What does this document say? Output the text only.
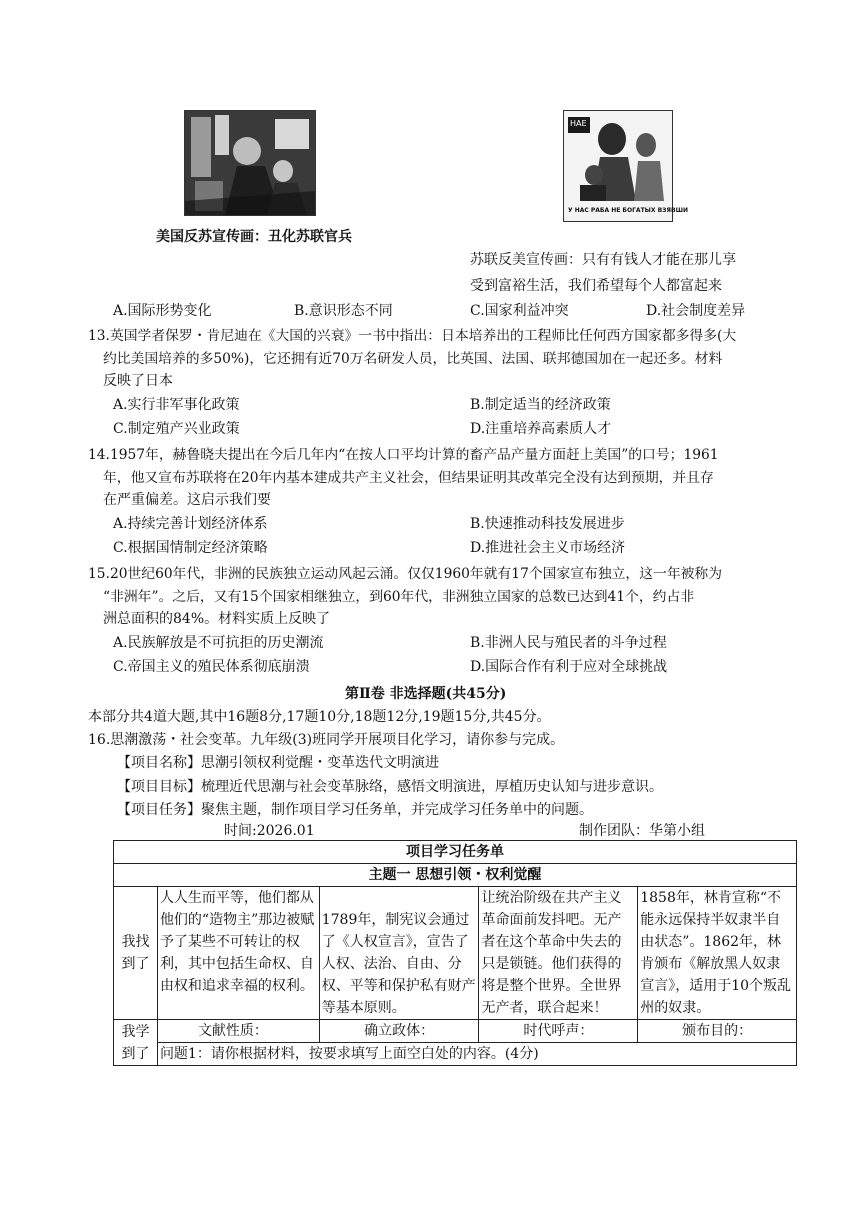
美国反苏宣传画：丑化苏联官兵
НАЕ
У НАС РАБА НЕ БОГАТЫХ ВЗЯВШИ
苏联反美宣传画：只有有钱人才能在那儿享
受到富裕生活，我们希望每个人都富起来
A.国际形势变化	B.意识形态不同	C.国家利益冲突	D.社会制度差异
13.英国学者保罗・肯尼迪在《大国的兴衰》一书中指出：日本培养出的工程师比任何西方国家都多得多(大
约比美国培养的多50%)，它还拥有近70万名研发人员，比英国、法国、联邦德国加在一起还多。材料
反映了日本
A.实行非军事化政策	B.制定适当的经济政策
C.制定殖产兴业政策	D.注重培养高素质人才
14.1957年，赫鲁晓夫提出在今后几年内“在按人口平均计算的畜产品产量方面赶上美国”的口号；1961
年，他又宣布苏联将在20年内基本建成共产主义社会，但结果证明其改革完全没有达到预期，并且存
在严重偏差。这启示我们要
A.持续完善计划经济体系	B.快速推动科技发展进步
C.根据国情制定经济策略	D.推进社会主义市场经济
15.20世纪60年代，非洲的民族独立运动风起云涌。仅仅1960年就有17个国家宣布独立，这一年被称为
“非洲年”。之后，又有15个国家相继独立，到60年代，非洲独立国家的总数已达到41个，约占非
洲总面积的84%。材料实质上反映了
A.民族解放是不可抗拒的历史潮流	B.非洲人民与殖民者的斗争过程
C.帝国主义的殖民体系彻底崩溃	D.国际合作有利于应对全球挑战
第Ⅱ卷 非选择题(共45分)
本部分共4道大题,其中16题8分,17题10分,18题12分,19题15分,共45分。
16.思潮激荡・社会变革。九年级(3)班同学开展项目化学习，请你参与完成。
【项目名称】思潮引领权利觉醒・变革迭代文明演进
【项目目标】梳理近代思潮与社会变革脉络，感悟文明演进，厚植历史认知与进步意识。
【项目任务】聚焦主题，制作项目学习任务单，并完成学习任务单中的问题。
时间:2026.01	制作团队：华第小组
项目学习任务单				
主题一 思想引领・权利觉醒				
我找到了	人人生而平等，他们都从他们的“造物主”那边被赋予了某些不可转让的权利，其中包括生命权、自由权和追求幸福的权利。	1789年，制宪议会通过了《人权宣言》，宣告了人权、法治、自由、分权、平等和保护私有财产等基本原则。	让统治阶级在共产主义革命面前发抖吧。无产者在这个革命中失去的只是锁链。他们获得的将是整个世界。全世界无产者，联合起来！	1858年，林肯宣称“不能永远保持半奴隶半自由状态”。1862年，林肯颁布《解放黑人奴隶宣言》，适用于10个叛乱州的奴隶。
我学到了	文献性质：	确立政体：	时代呼声：	颁布目的：
	问题1：请你根据材料，按要求填写上面空白处的内容。(4分)			
